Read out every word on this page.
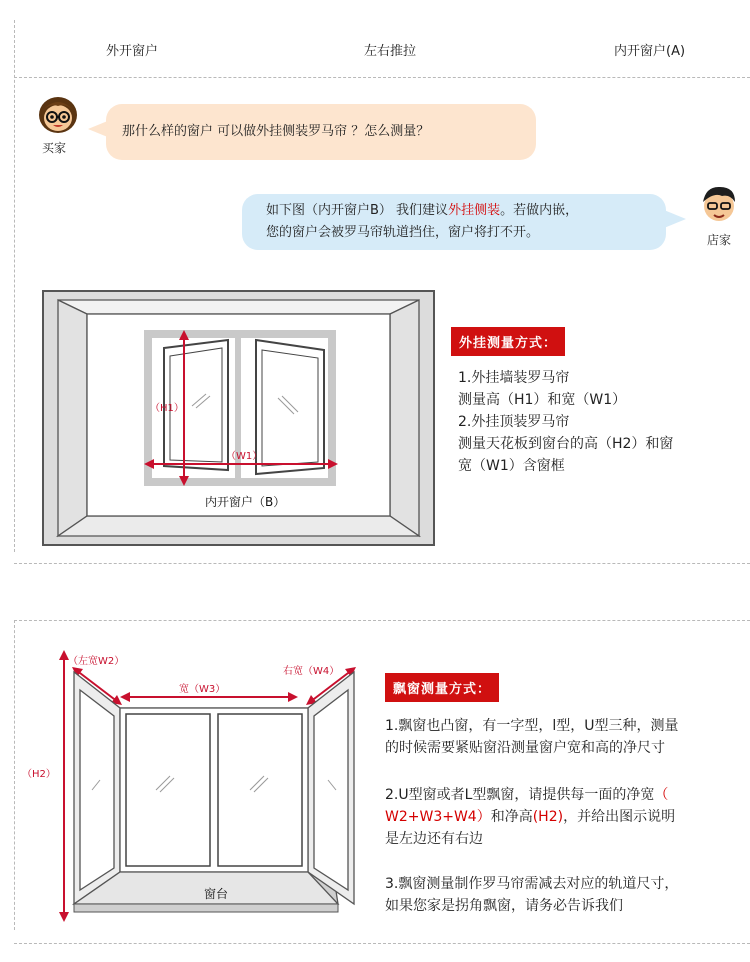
外开窗户	左右推拉	内开窗户(A)
买家
那什么样的窗户 可以做外挂侧装罗马帘 ？怎么测量？
如下图（内开窗户B） 我们建议外挂侧装。若做内嵌，
您的窗户会被罗马帘轨道挡住，窗户将打不开。	店家
（H1）
（W1）
内开窗户（B）
外挂测量方式：
1.外挂墙装罗马帘
测量高（H1）和宽（W1）
2.外挂顶装罗马帘
测量天花板到窗台的高（H2）和窗
宽（W1）含窗框
（左宽W2）
宽（W3）
右宽（W4）
（H2）
窗台
飘窗测量方式：
1.飘窗也凸窗，有一字型，l型，U型三种，测量
的时候需要紧贴窗沿测量窗户宽和高的净尺寸
2.U型窗或者L型飘窗，请提供每一面的净宽（
W2+W3+W4）和净高(H2)，并给出图示说明
是左边还有右边
3.飘窗测量制作罗马帘需减去对应的轨道尺寸，
如果您家是拐角飘窗，请务必告诉我们
